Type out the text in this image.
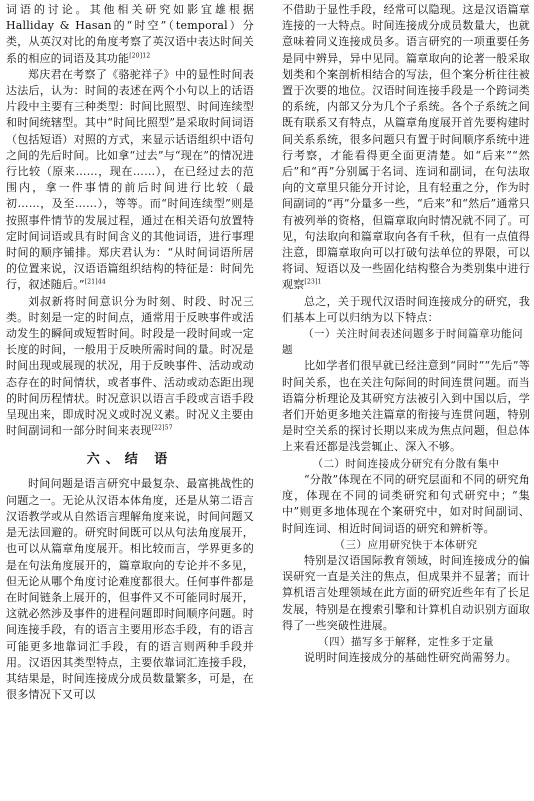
词语的讨论。其他相关研究如影宜雄根据Halliday & Hasan的“时空”（temporal）分类，从英汉对比的角度考察了英汉语中表达时间关系的相应的词语及其功能$^{[20]12}$

郑庆君在考察了《骆驼祥子》中的显性时间表达法后，认为：时间的表述在两个小句以上的话语片段中主要有三种类型：时间比照型、时间连续型和时间统辖型。其中“时间比照型”是采取时间词语（包括短语）对照的方式，来显示话语组织中语句之间的先后时间。比如拿“过去”与“现在”的情况进行比较（原来……，现在……），在已经过去的范围内，拿一件事情的前后时间进行比较（最初……，及至……），等等。而“时间连续型”则是按照事件情节的发展过程，通过在相关语句放置特定时间词语或具有时间含义的其他词语，进行事理时间的顺序铺排。郑庆君认为：“从时间词语所居的位置来说，汉语语篇组织结构的特征是：时间先行，叙述随后。”$^{[21]44}$

刘叔新将时间意识分为时刻、时段、时况三类。时刻是一定的时间点，通常用于反映事件或活动发生的瞬间或短暂时间。时段是一段时间或一定长度的时间，一般用于反映所需时间的量。时况是时间出现或展现的状况，用于反映事件、活动或动态存在的时间情状，或者事件、活动或动态距出现的时间历程情状。时况意识以语言手段或言语手段呈现出来，即成时况义或时况义素。时况义主要由时间副词和一部分时间来表现$^{[22]57}$

六、结 语

时间问题是语言研究中最复杂、最富挑战性的问题之一。无论从汉语本体角度，还是从第二语言汉语教学或从自然语言理解角度来说，时间问题又是无法回避的。研究时间既可以从句法角度展开，也可以从篇章角度展开。相比较而言，学界更多的是在句法角度展开的，篇章取向的专论并不多见，但无论从哪个角度讨论难度都很大。任何事件都是在时间链条上展开的，但事件又不可能同时展开，这就必然涉及事件的进程问题即时间顺序问题。时间连接手段，有的语言主要用形态手段，有的语言可能更多地靠词汇手段，有的语言则两种手段并用。汉语因其类型特点，主要依靠词汇连接手段，其结果是，时间连接成分成员数量繁多，可是，在很多情况下又可以

不借助于显性手段，经常可以隐现。这是汉语篇章连接的一大特点。时间连接成分成员数量大，也就意味着同义连接成员多。语言研究的一项重要任务是同中辨异，异中见同。篇章取向的论著一般采取划类和个案剖析相结合的写法，但个案分析往往被置于次要的地位。汉语时间连接手段是一个跨词类的系统，内部又分为几个子系统。各个子系统之间既有联系又有特点，从篇章角度展开首先要构建时间关系系统，很多问题只有置于时间顺序系统中进行考察，才能看得更全面更清楚。如“后来”“然后”和“再”分别属于名词、连词和副词，在句法取向的文章里只能分开讨论，且有轻重之分，作为时间副词的“再”分量多一些，“后来”和“然后”通常只有被列举的资格，但篇章取向时情况就不同了。可见，句法取向和篇章取向各有千秋，但有一点值得注意，即篇章取向可以打破句法单位的界限，可以将词、短语以及一些固化结构整合为类别集中进行观察$^{[23]1}$

总之，关于现代汉语时间连接成分的研究，我们基本上可以归纳为以下特点：

（一）关注时间表述问题多于时间篇章功能问题

比如学者们很早就已经注意到“同时”“先后”等时间关系，也在关注句际间的时间连贯问题。而当语篇分析理论及其研究方法被引入到中国以后，学者们开始更多地关注篇章的衔接与连贯问题，特别是时空关系的探讨长期以来成为焦点问题，但总体上来看还都是浅尝辄止、深入不够。

（二）时间连接成分研究有分散有集中

“分散”体现在不同的研究层面和不同的研究角度，体现在不同的词类研究和句式研究中；“集中”则更多地体现在个案研究中，如对时间副词、时间连词、相近时间词语的研究和辨析等。

（三）应用研究快于本体研究

特别是汉语国际教育领域，时间连接成分的偏误研究一直是关注的焦点，但成果并不显著；而计算机语言处理领域在此方面的研究近些年有了长足发展，特别是在搜索引擎和计算机自动识别方面取得了一些突破性进展。

（四）描写多于解释，定性多于定量

说明时间连接成分的基础性研究尚需努力。
